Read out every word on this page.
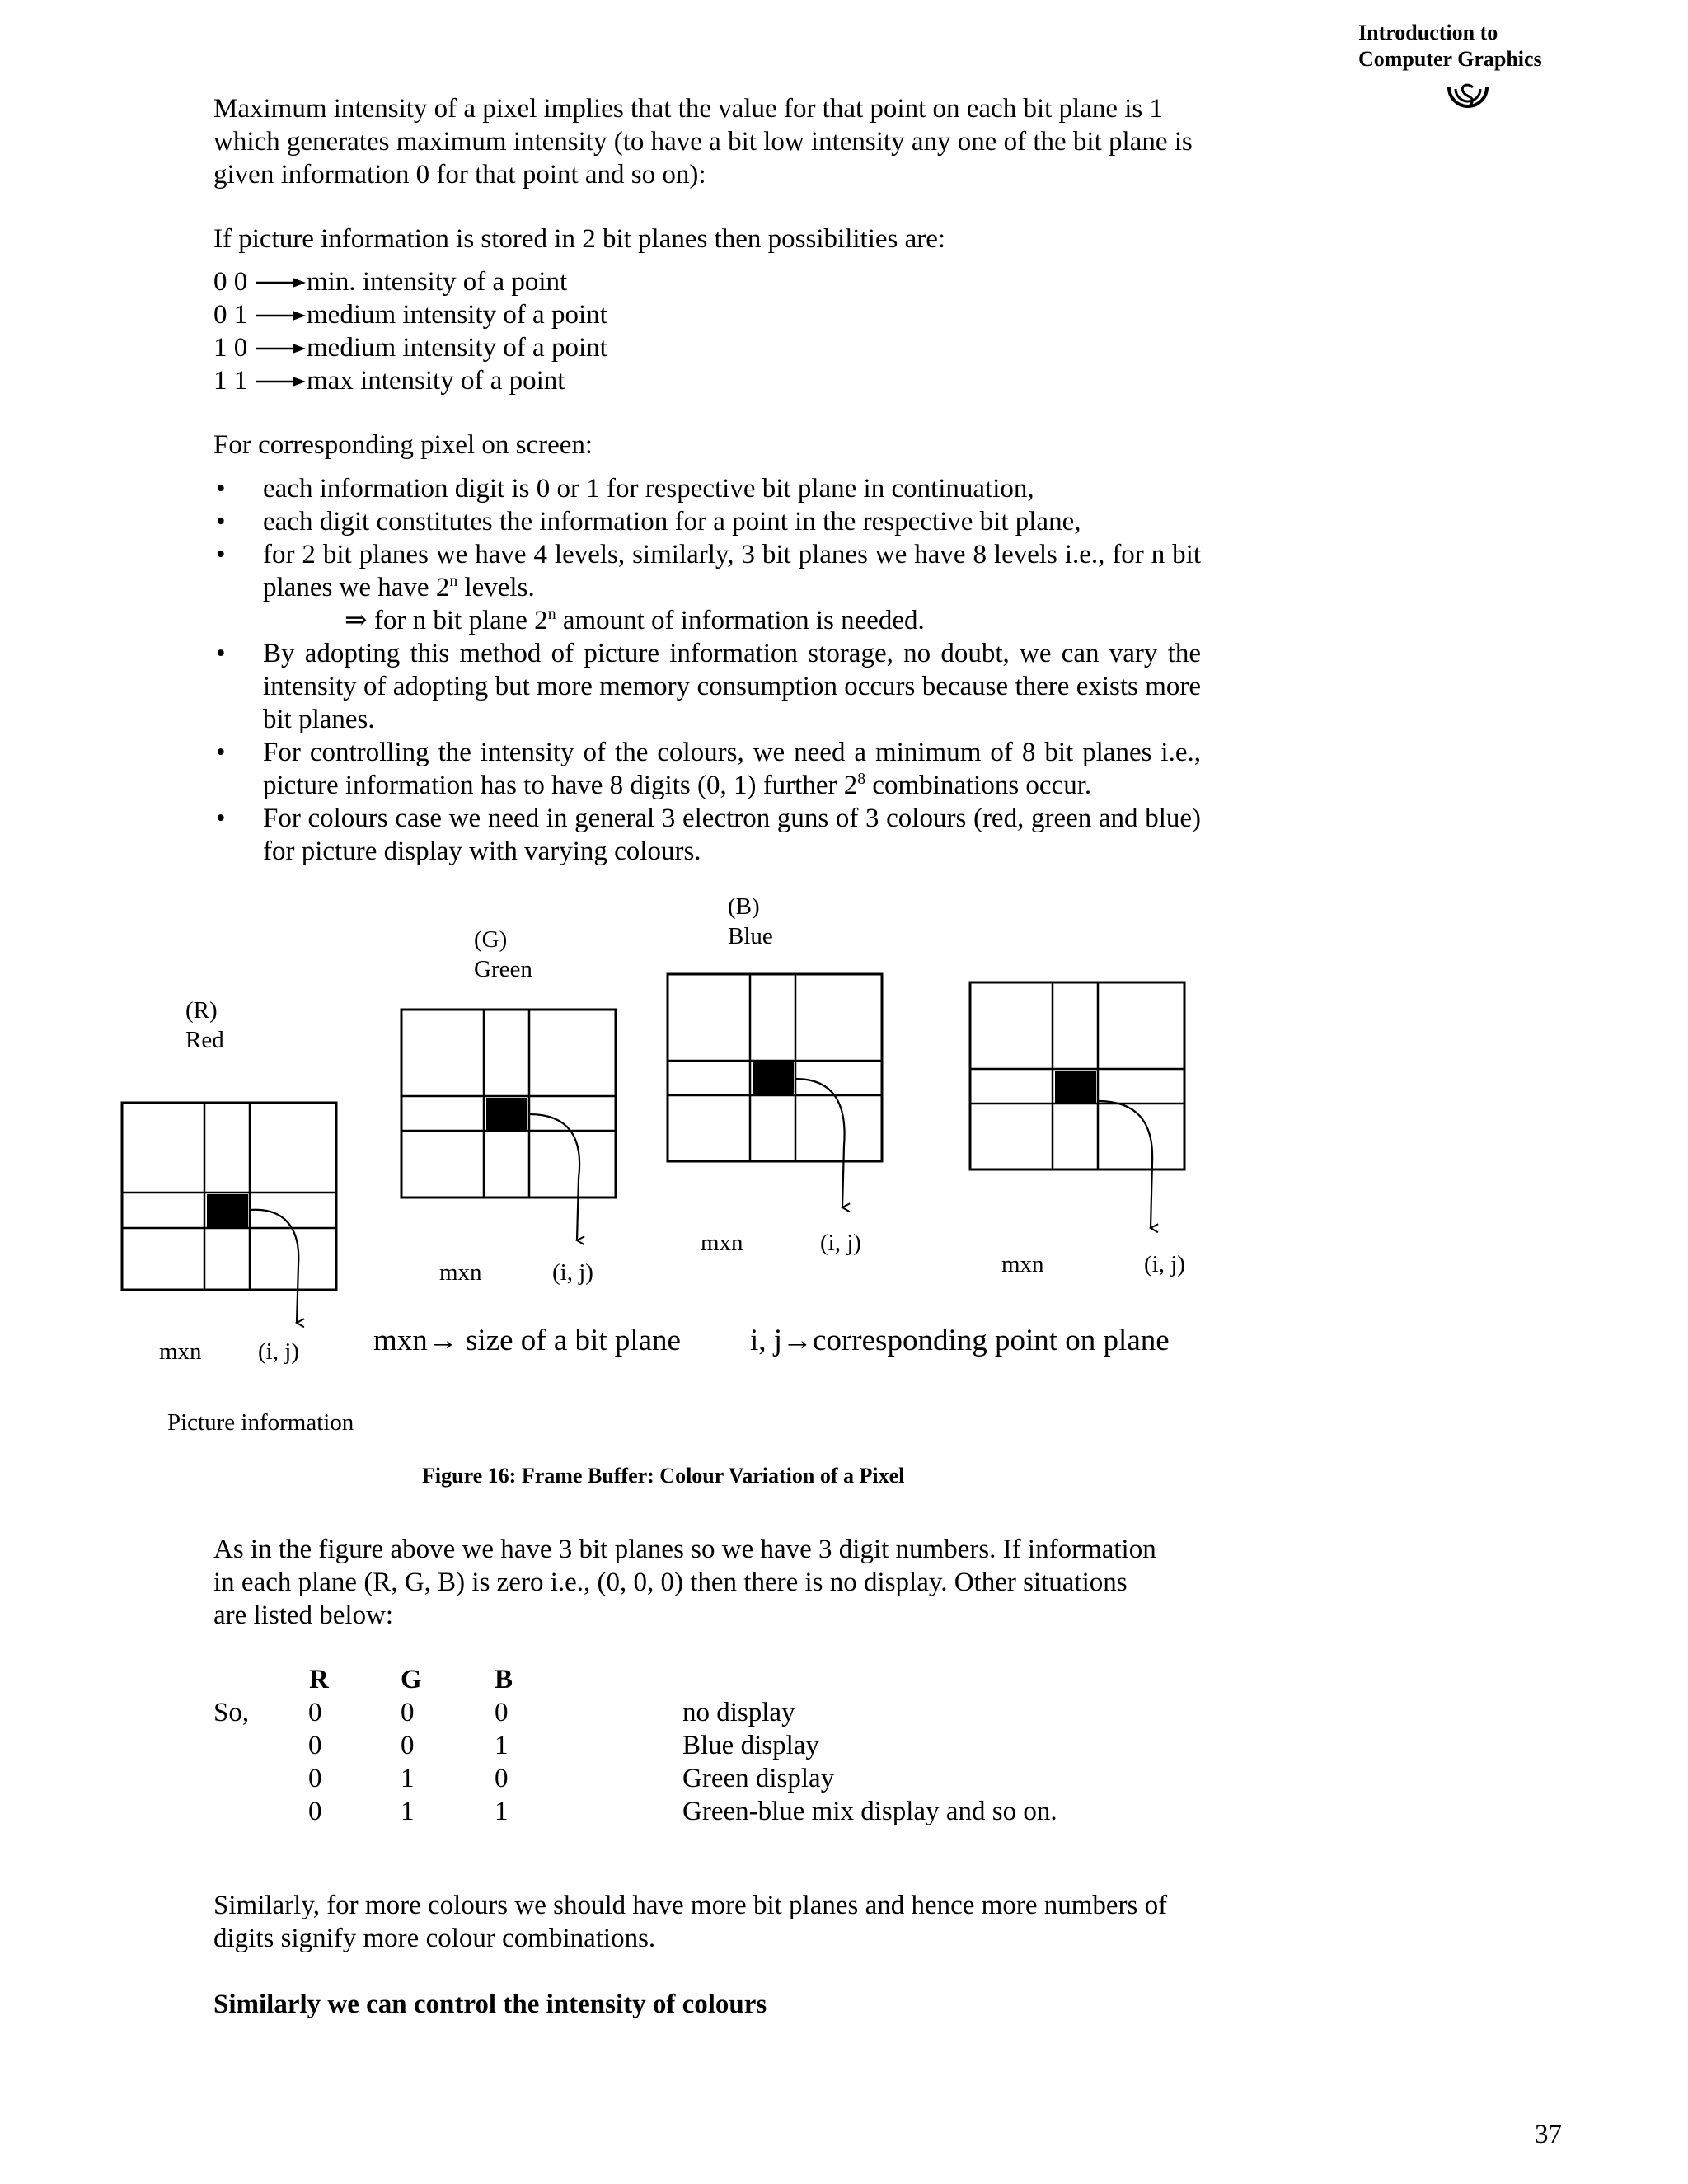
Introduction to
Computer Graphics
Maximum intensity of a pixel implies that the value for that point on each bit plane is 1 which generates maximum intensity (to have a bit low intensity any one of the bit plane is given information 0 for that point and so on):
If picture information is stored in 2 bit planes then possibilities are:
0 0 min. intensity of a point
0 1 medium intensity of a point
1 0 medium intensity of a point
1 1 max intensity of a point
For corresponding pixel on screen:
• each information digit is 0 or 1 for respective bit plane in continuation,
• each digit constitutes the information for a point in the respective bit plane,
• for 2 bit planes we have 4 levels, similarly, 3 bit planes we have 8 levels i.e., for n bit planes we have 2$^n$ levels.
⇒ for n bit plane 2$^n$ amount of information is needed.
• By adopting this method of picture information storage, no doubt, we can vary the intensity of adopting but more memory consumption occurs because there exists more bit planes.
• For controlling the intensity of the colours, we need a minimum of 8 bit planes i.e., picture information has to have 8 digits (0, 1) further $2^8$ combinations occur.
• For colours case we need in general 3 electron guns of 3 colours (red, green and blue) for picture display with varying colours.
(R)
Red
(G)
Green
(B)
Blue
mxn (i, j)
mxn	(i, j)
mxn	(i, j)
mxn	(i, j)
mxn→ size of a bit plane i, j→corresponding point on plane
Picture information
Figure 16: Frame Buffer: Colour Variation of a Pixel
As in the figure above we have 3 bit planes so we have 3 digit numbers. If information in each plane (R, G, B) is zero i.e., (0, 0, 0) then there is no display. Other situations are listed below:
R	G	B
So, 0	0	0	no display
0	0	1	Blue display
0	1	0	Green display
0	1	1	Green-blue mix display and so on.
Similarly, for more colours we should have more bit planes and hence more numbers of digits signify more colour combinations.
Similarly we can control the intensity of colours
37
